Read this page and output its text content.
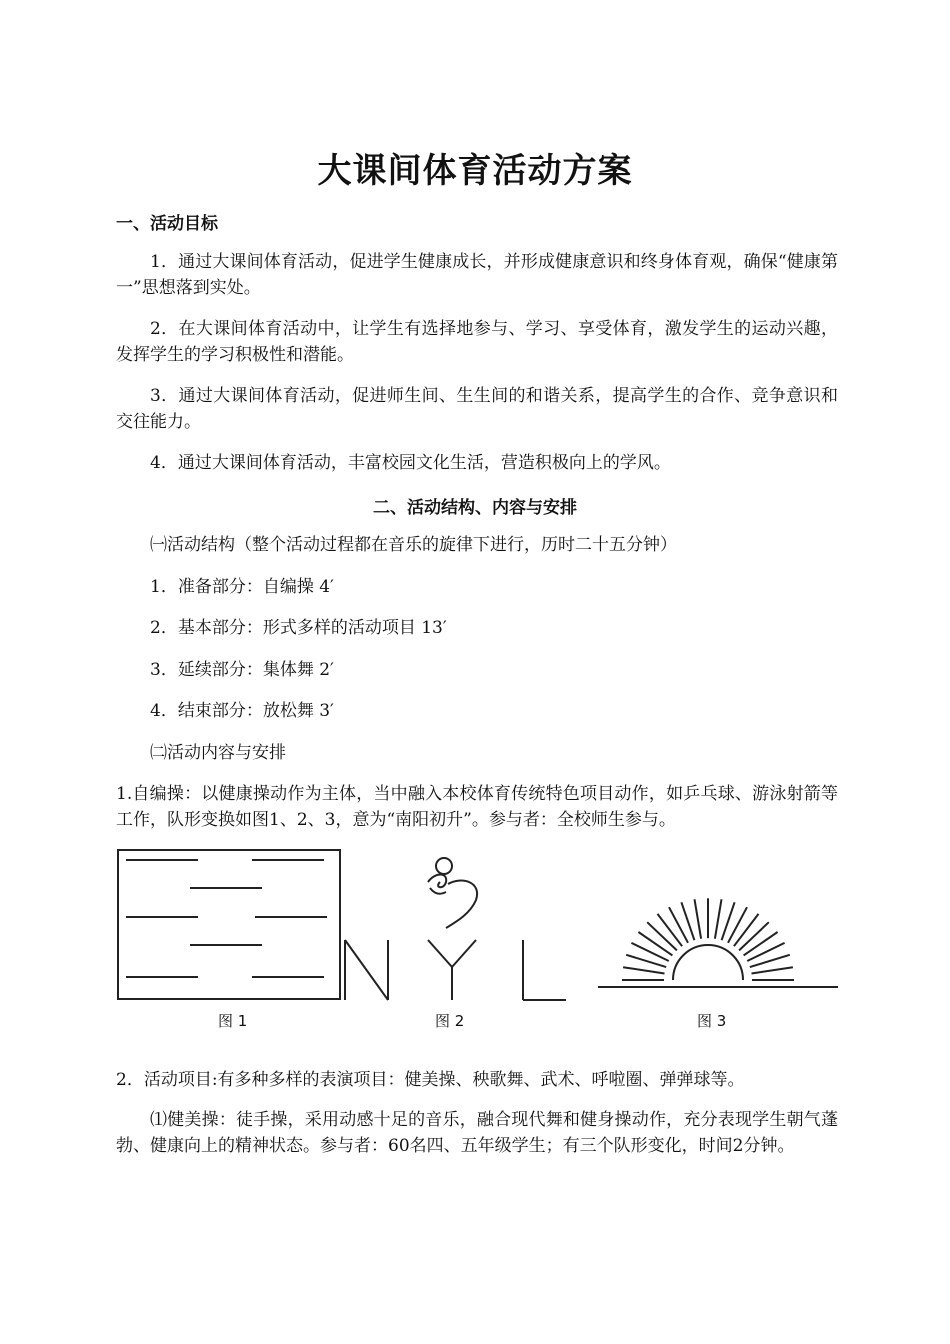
大课间体育活动方案
一、活动目标
1．通过大课间体育活动，促进学生健康成长，并形成健康意识和终身体育观，确保“健康第一”思想落到实处。
2．在大课间体育活动中，让学生有选择地参与、学习、享受体育，激发学生的运动兴趣，发挥学生的学习积极性和潜能。
3．通过大课间体育活动，促进师生间、生生间的和谐关系，提高学生的合作、竞争意识和交往能力。
4．通过大课间体育活动，丰富校园文化生活，营造积极向上的学风。
二、活动结构、内容与安排
㈠活动结构（整个活动过程都在音乐的旋律下进行，历时二十五分钟）
1．准备部分：自编操 4′
2．基本部分：形式多样的活动项目 13′
3．延续部分：集体舞 2′
4．结束部分：放松舞 3′
㈡活动内容与安排
1.自编操：以健康操动作为主体，当中融入本校体育传统特色项目动作，如乒乓球、游泳射箭等工作，队形变换如图1、2、3，意为“南阳初升”。参与者：全校师生参与。
图 1	图 2	图 3
2．活动项目:有多种多样的表演项目：健美操、秧歌舞、武术、呼啦圈、弹弹球等。
⑴健美操：徒手操，采用动感十足的音乐，融合现代舞和健身操动作，充分表现学生朝气蓬勃、健康向上的精神状态。参与者：60名四、五年级学生；有三个队形变化，时间2分钟。
